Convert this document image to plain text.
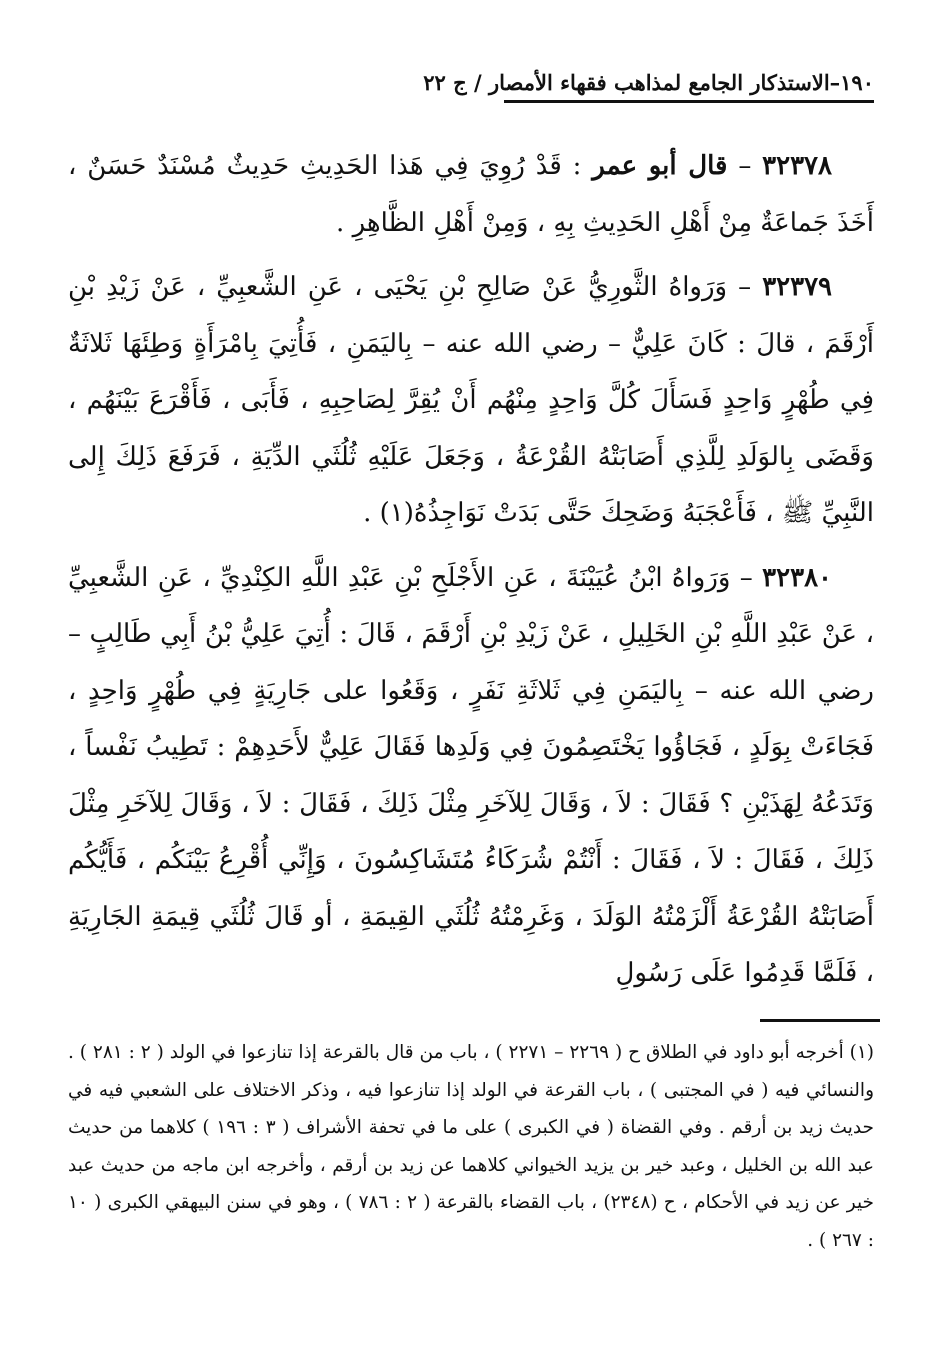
١٩٠–الاستذكار الجامع لمذاهب فقهاء الأمصار / ج ٢٢

٣٢٣٧٨ – قال أبو عمر : قَدْ رُوِيَ فِي هَذا الحَدِيثِ حَدِيثٌ مُسْنَدٌ حَسَنٌ ، أَخَذَ جَماعَةٌ مِنْ أَهْلِ الحَدِيثِ بِهِ ، وَمِنْ أَهْلِ الظَّاهِرِ .

٣٢٣٧٩ – وَرَواهُ الثَّورِيُّ عَنْ صَالِحِ بْنِ يَحْيَى ، عَنِ الشَّعبِيِّ ، عَنْ زَيْدِ بْنِ أَرْقَمَ ، قالَ : كَانَ عَلِيٌّ – رضي الله عنه – بِاليَمَنِ ، فَأُتِيَ بِامْرَأَةٍ وَطِئَهَا ثَلاثَةٌ فِي طُهْرٍ وَاحِدٍ فَسَأَلَ كُلَّ وَاحِدٍ مِنْهُم أَنْ يُقِرَّ لِصَاحِبِهِ ، فَأَبَى ، فَأَقْرَعَ بَيْنَهُم ، وَقَضَى بِالوَلَدِ لِلَّذِي أَصَابَتْهُ القُرْعَةُ ، وَجَعَلَ عَلَيْهِ ثُلُثَي الدِّيَةِ ، فَرَفَعَ ذَلِكَ إِلى النَّبِيِّ ﷺ ، فَأَعْجَبَهُ وَضَحِكَ حَتَّى بَدَتْ نَوَاجِذُهُ(١) .

٣٢٣٨٠ – وَرَواهُ ابْنُ عُيَيْنَةَ ، عَنِ الأَجْلَحِ بْنِ عَبْدِ اللَّهِ الكِنْدِيِّ ، عَنِ الشَّعبِيِّ ، عَنْ عَبْدِ اللَّهِ بْنِ الخَلِيلِ ، عَنْ زَيْدِ بْنِ أَرْقَمَ ، قَالَ : أُتِيَ عَلِيُّ بْنُ أَبِي طَالِبٍ – رضي الله عنه – بِاليَمَنِ فِي ثَلاثَةِ نَفَرٍ ، وَقَعُوا على جَارِيَةٍ فِي طُهْرٍ وَاحِدٍ ، فَجَاءَتْ بِوَلَدٍ ، فَجَاؤُوا يَخْتَصِمُونَ فِي وَلَدِها فَقَالَ عَلِيٌّ لأَحَدِهِمْ : تَطِيبُ نَفْساً ، وَتَدَعُهُ لِهَذَيْنِ ؟ فَقَالَ : لاَ ، وَقَالَ لِلآخَرِ مِثْلَ ذَلِكَ ، فَقَالَ : لاَ ، وَقَالَ لِلآخَرِ مِثْلَ ذَلِكَ ، فَقَالَ : لاَ ، فَقَالَ : أَنْتُمْ شُرَكَاءُ مُتَشَاكِسُونَ ، وَإِنِّي أُقْرِعُ بَيْنَكُم ، فَأَيُّكُم أَصَابَتْهُ القُرْعَةُ أَلْزَمْتُهُ الوَلَدَ ، وَغَرِمْتُهُ ثُلُثَي القِيمَةِ ، أو قَالَ ثُلُثَي قِيمَةِ الجَارِيَةِ ، فَلَمَّا قَدِمُوا عَلَى رَسُولِ

(١) أخرجه أبو داود في الطلاق ح ( ٢٢٦٩ – ٢٢٧١ ) ، باب من قال بالقرعة إذا تنازعوا في الولد ( ٢ : ٢٨١ ) . والنسائي فيه ( في المجتبى ) ، باب القرعة في الولد إذا تنازعوا فيه ، وذكر الاختلاف على الشعبي فيه في حديث زيد بن أرقم . وفي القضاة ( في الكبرى ) على ما في تحفة الأشراف ( ٣ : ١٩٦ ) كلاهما من حديث عبد الله بن الخليل ، وعبد خير بن يزيد الخيواني كلاهما عن زيد بن أرقم ، وأخرجه ابن ماجه من حديث عبد خير عن زيد في الأحكام ، ح (٢٣٤٨) ، باب القضاء بالقرعة ( ٢ : ٧٨٦ ) ، وهو في سنن البيهقي الكبرى ( ١٠ : ٢٦٧ ) .
